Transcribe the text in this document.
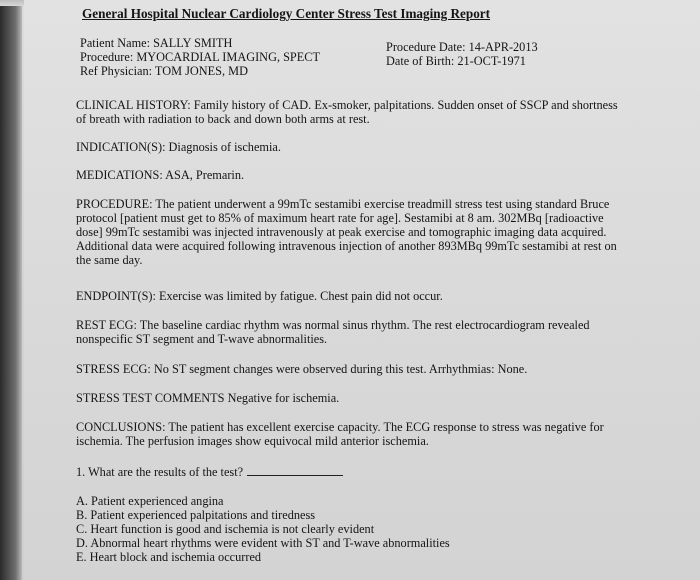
General Hospital Nuclear Cardiology Center Stress Test Imaging Report
Patient Name: SALLY SMITH
Procedure: MYOCARDIAL IMAGING, SPECT
Ref Physician: TOM JONES, MD
Procedure Date: 14-APR-2013
Date of Birth: 21-OCT-1971
CLINICAL HISTORY: Family history of CAD. Ex-smoker, palpitations. Sudden onset of SSCP and shortness
of breath with radiation to back and down both arms at rest.
INDICATION(S): Diagnosis of ischemia.
MEDICATIONS: ASA, Premarin.
PROCEDURE: The patient underwent a 99mTc sestamibi exercise treadmill stress test using standard Bruce
protocol [patient must get to 85% of maximum heart rate for age]. Sestamibi at 8 am. 302MBq [radioactive
dose] 99mTc sestamibi was injected intravenously at peak exercise and tomographic imaging data acquired.
Additional data were acquired following intravenous injection of another 893MBq 99mTc sestamibi at rest on
the same day.
ENDPOINT(S): Exercise was limited by fatigue. Chest pain did not occur.
REST ECG: The baseline cardiac rhythm was normal sinus rhythm. The rest electrocardiogram revealed
nonspecific ST segment and T-wave abnormalities.
STRESS ECG: No ST segment changes were observed during this test. Arrhythmias: None.
STRESS TEST COMMENTS Negative for ischemia.
CONCLUSIONS: The patient has excellent exercise capacity. The ECG response to stress was negative for
ischemia. The perfusion images show equivocal mild anterior ischemia.
1. What are the results of the test?
A. Patient experienced angina
B. Patient experienced palpitations and tiredness
C. Heart function is good and ischemia is not clearly evident
D. Abnormal heart rhythms were evident with ST and T-wave abnormalities
E. Heart block and ischemia occurred
